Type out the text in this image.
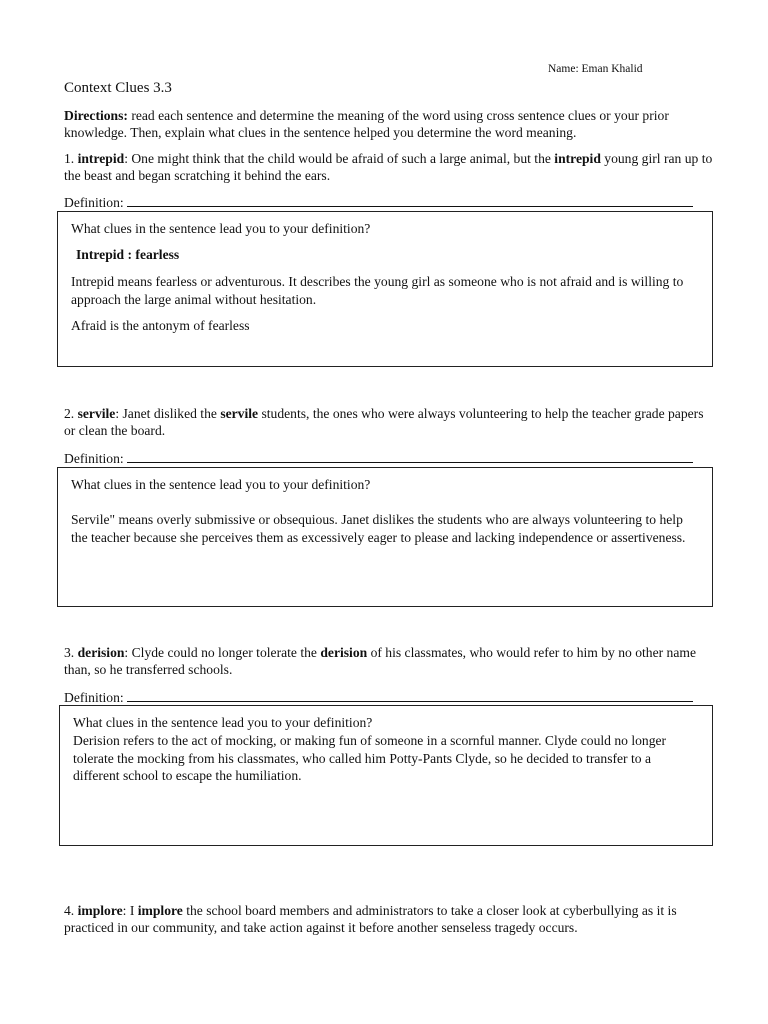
Name: Eman Khalid
Context Clues 3.3
Directions: read each sentence and determine the meaning of the word using cross sentence clues or your prior knowledge. Then, explain what clues in the sentence helped you determine the word meaning.
1. intrepid: One might think that the child would be afraid of such a large animal, but the intrepid young girl ran up to the beast and began scratching it behind the ears.
Definition:
What clues in the sentence lead you to your definition?
Intrepid : fearless
Intrepid means fearless or adventurous. It describes the young girl as someone who is not afraid and is willing to approach the large animal without hesitation.
Afraid is the antonym of fearless
2. servile: Janet disliked the servile students, the ones who were always volunteering to help the teacher grade papers or clean the board.
Definition:
What clues in the sentence lead you to your definition?
Servile" means overly submissive or obsequious. Janet dislikes the students who are always volunteering to help the teacher because she perceives them as excessively eager to please and lacking independence or assertiveness.
3. derision: Clyde could no longer tolerate the derision of his classmates, who would refer to him by no other name than, so he transferred schools.
Definition:
What clues in the sentence lead you to your definition?
Derision refers to the act of mocking, or making fun of someone in a scornful manner. Clyde could no longer tolerate the mocking from his classmates, who called him Potty-Pants Clyde, so he decided to transfer to a different school to escape the humiliation.
4. implore: I implore the school board members and administrators to take a closer look at cyberbullying as it is practiced in our community, and take action against it before another senseless tragedy occurs.
